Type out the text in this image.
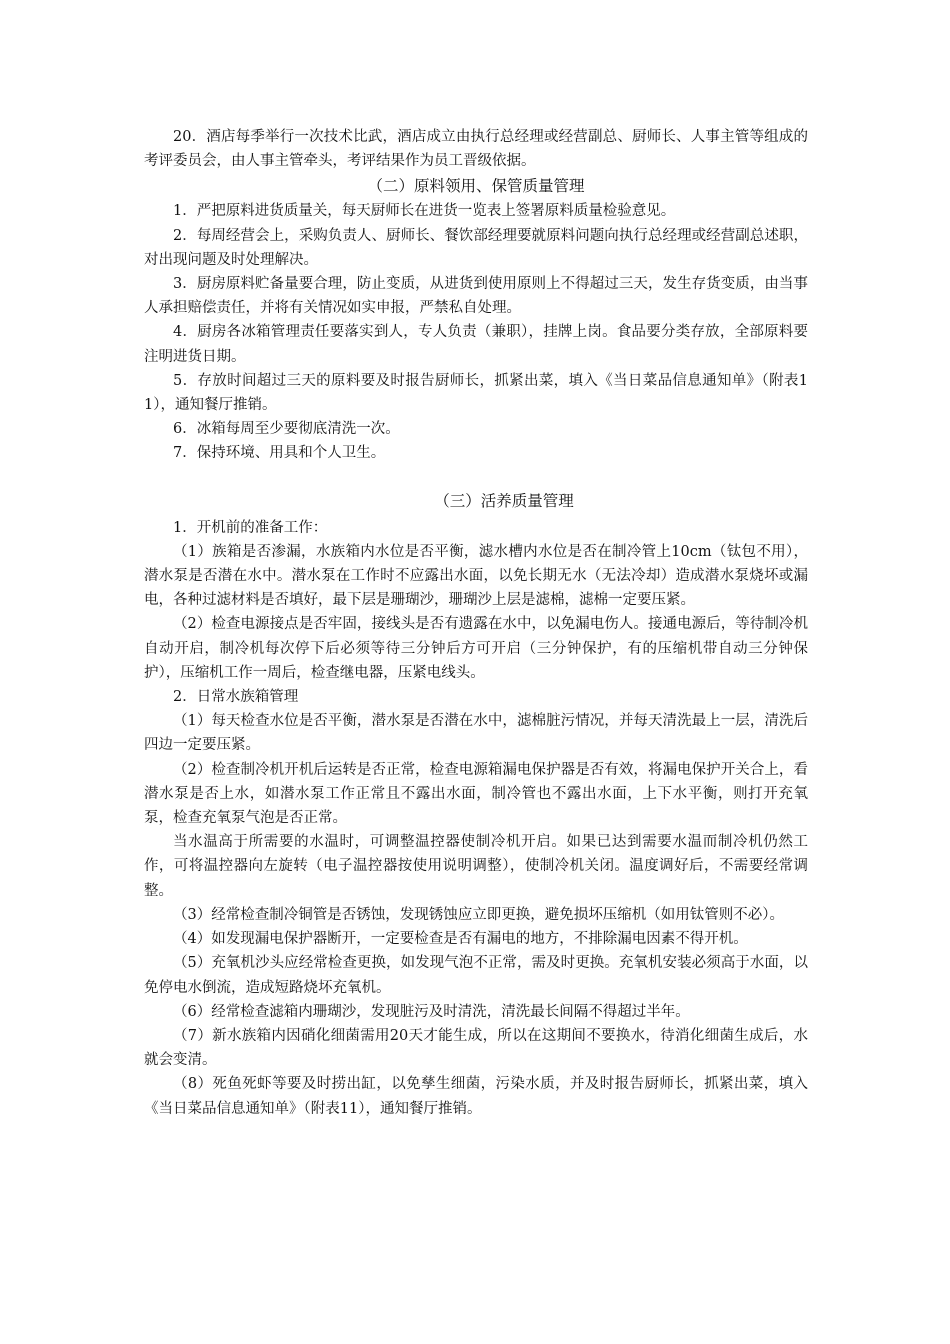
20．酒店每季举行一次技术比武，酒店成立由执行总经理或经营副总、厨师长、人事主管等组成的考评委员会，由人事主管牵头，考评结果作为员工晋级依据。

（二）原料领用、保管质量管理

1．严把原料进货质量关，每天厨师长在进货一览表上签署原料质量检验意见。

2．每周经营会上，采购负责人、厨师长、餐饮部经理要就原料问题向执行总经理或经营副总述职，对出现问题及时处理解决。

3．厨房原料贮备量要合理，防止变质，从进货到使用原则上不得超过三天，发生存货变质，由当事人承担赔偿责任，并将有关情况如实申报，严禁私自处理。

4．厨房各冰箱管理责任要落实到人，专人负责（兼职），挂牌上岗。食品要分类存放，全部原料要注明进货日期。

5．存放时间超过三天的原料要及时报告厨师长，抓紧出菜，填入《当日菜品信息通知单》（附表11），通知餐厅推销。

6．冰箱每周至少要彻底清洗一次。

7．保持环境、用具和个人卫生。

（三）活养质量管理

1．开机前的准备工作：

（1）族箱是否渗漏，水族箱内水位是否平衡，滤水槽内水位是否在制冷管上10cm（钛包不用），潜水泵是否潜在水中。潜水泵在工作时不应露出水面，以免长期无水（无法冷却）造成潜水泵烧坏或漏电，各种过滤材料是否填好，最下层是珊瑚沙，珊瑚沙上层是滤棉，滤棉一定要压紧。

（2）检查电源接点是否牢固，接线头是否有遗露在水中，以免漏电伤人。接通电源后，等待制冷机自动开启，制冷机每次停下后必须等待三分钟后方可开启（三分钟保护，有的压缩机带自动三分钟保护），压缩机工作一周后，检查继电器，压紧电线头。

2．日常水族箱管理

（1）每天检查水位是否平衡，潜水泵是否潜在水中，滤棉脏污情况，并每天清洗最上一层，清洗后四边一定要压紧。

（2）检查制冷机开机后运转是否正常，检查电源箱漏电保护器是否有效，将漏电保护开关合上，看潜水泵是否上水，如潜水泵工作正常且不露出水面，制冷管也不露出水面，上下水平衡，则打开充氧泵，检查充氧泵气泡是否正常。

当水温高于所需要的水温时，可调整温控器使制冷机开启。如果已达到需要水温而制冷机仍然工作，可将温控器向左旋转（电子温控器按使用说明调整），使制冷机关闭。温度调好后，不需要经常调整。

（3）经常检查制冷铜管是否锈蚀，发现锈蚀应立即更换，避免损坏压缩机（如用钛管则不必）。

（4）如发现漏电保护器断开，一定要检查是否有漏电的地方，不排除漏电因素不得开机。

（5）充氧机沙头应经常检查更换，如发现气泡不正常，需及时更换。充氧机安装必须高于水面，以免停电水倒流，造成短路烧坏充氧机。

（6）经常检查滤箱内珊瑚沙，发现脏污及时清洗，清洗最长间隔不得超过半年。

（7）新水族箱内因硝化细菌需用20天才能生成，所以在这期间不要换水，待消化细菌生成后，水就会变清。

（8）死鱼死虾等要及时捞出缸，以免孳生细菌，污染水质，并及时报告厨师长，抓紧出菜，填入《当日菜品信息通知单》（附表11），通知餐厅推销。
